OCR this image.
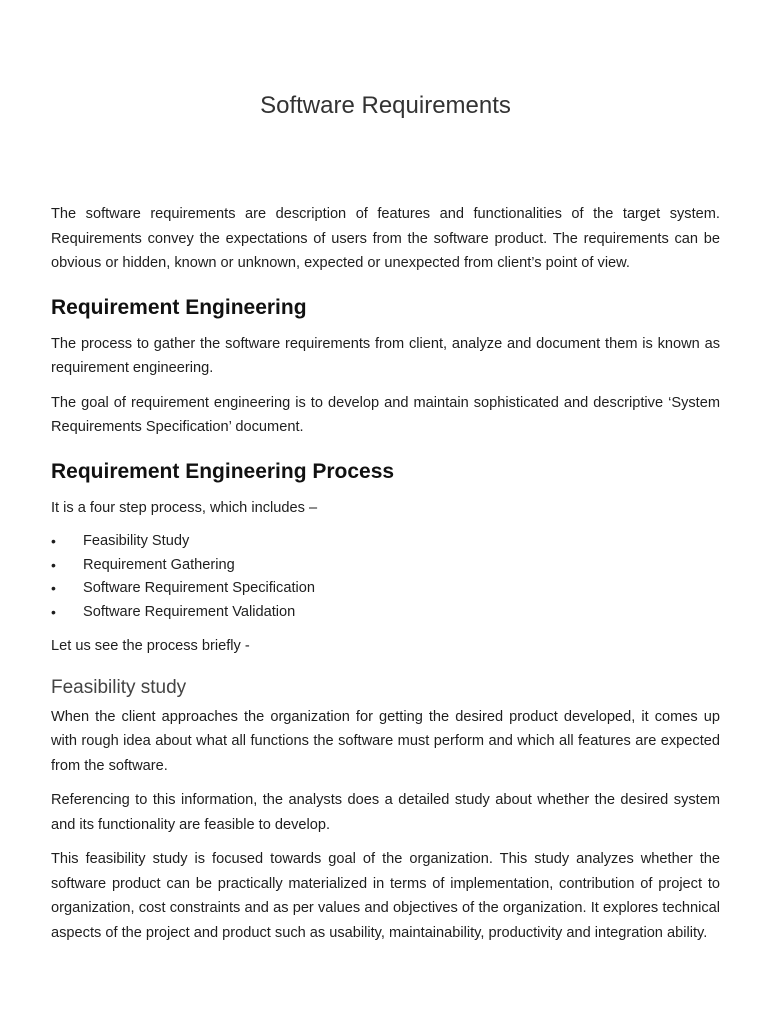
Software Requirements

The software requirements are description of features and functionalities of the target system. Requirements convey the expectations of users from the software product. The requirements can be obvious or hidden, known or unknown, expected or unexpected from client’s point of view.

Requirement Engineering

The process to gather the software requirements from client, analyze and document them is known as requirement engineering.

The goal of requirement engineering is to develop and maintain sophisticated and descriptive ‘System Requirements Specification’ document.

Requirement Engineering Process

It is a four step process, which includes –

•	Feasibility Study
•	Requirement Gathering
•	Software Requirement Specification
•	Software Requirement Validation

Let us see the process briefly -

Feasibility study

When the client approaches the organization for getting the desired product developed, it comes up with rough idea about what all functions the software must perform and which all features are expected from the software.

Referencing to this information, the analysts does a detailed study about whether the desired system and its functionality are feasible to develop.

This feasibility study is focused towards goal of the organization. This study analyzes whether the software product can be practically materialized in terms of implementation, contribution of project to organization, cost constraints and as per values and objectives of the organization. It explores technical aspects of the project and product such as usability, maintainability, productivity and integration ability.
